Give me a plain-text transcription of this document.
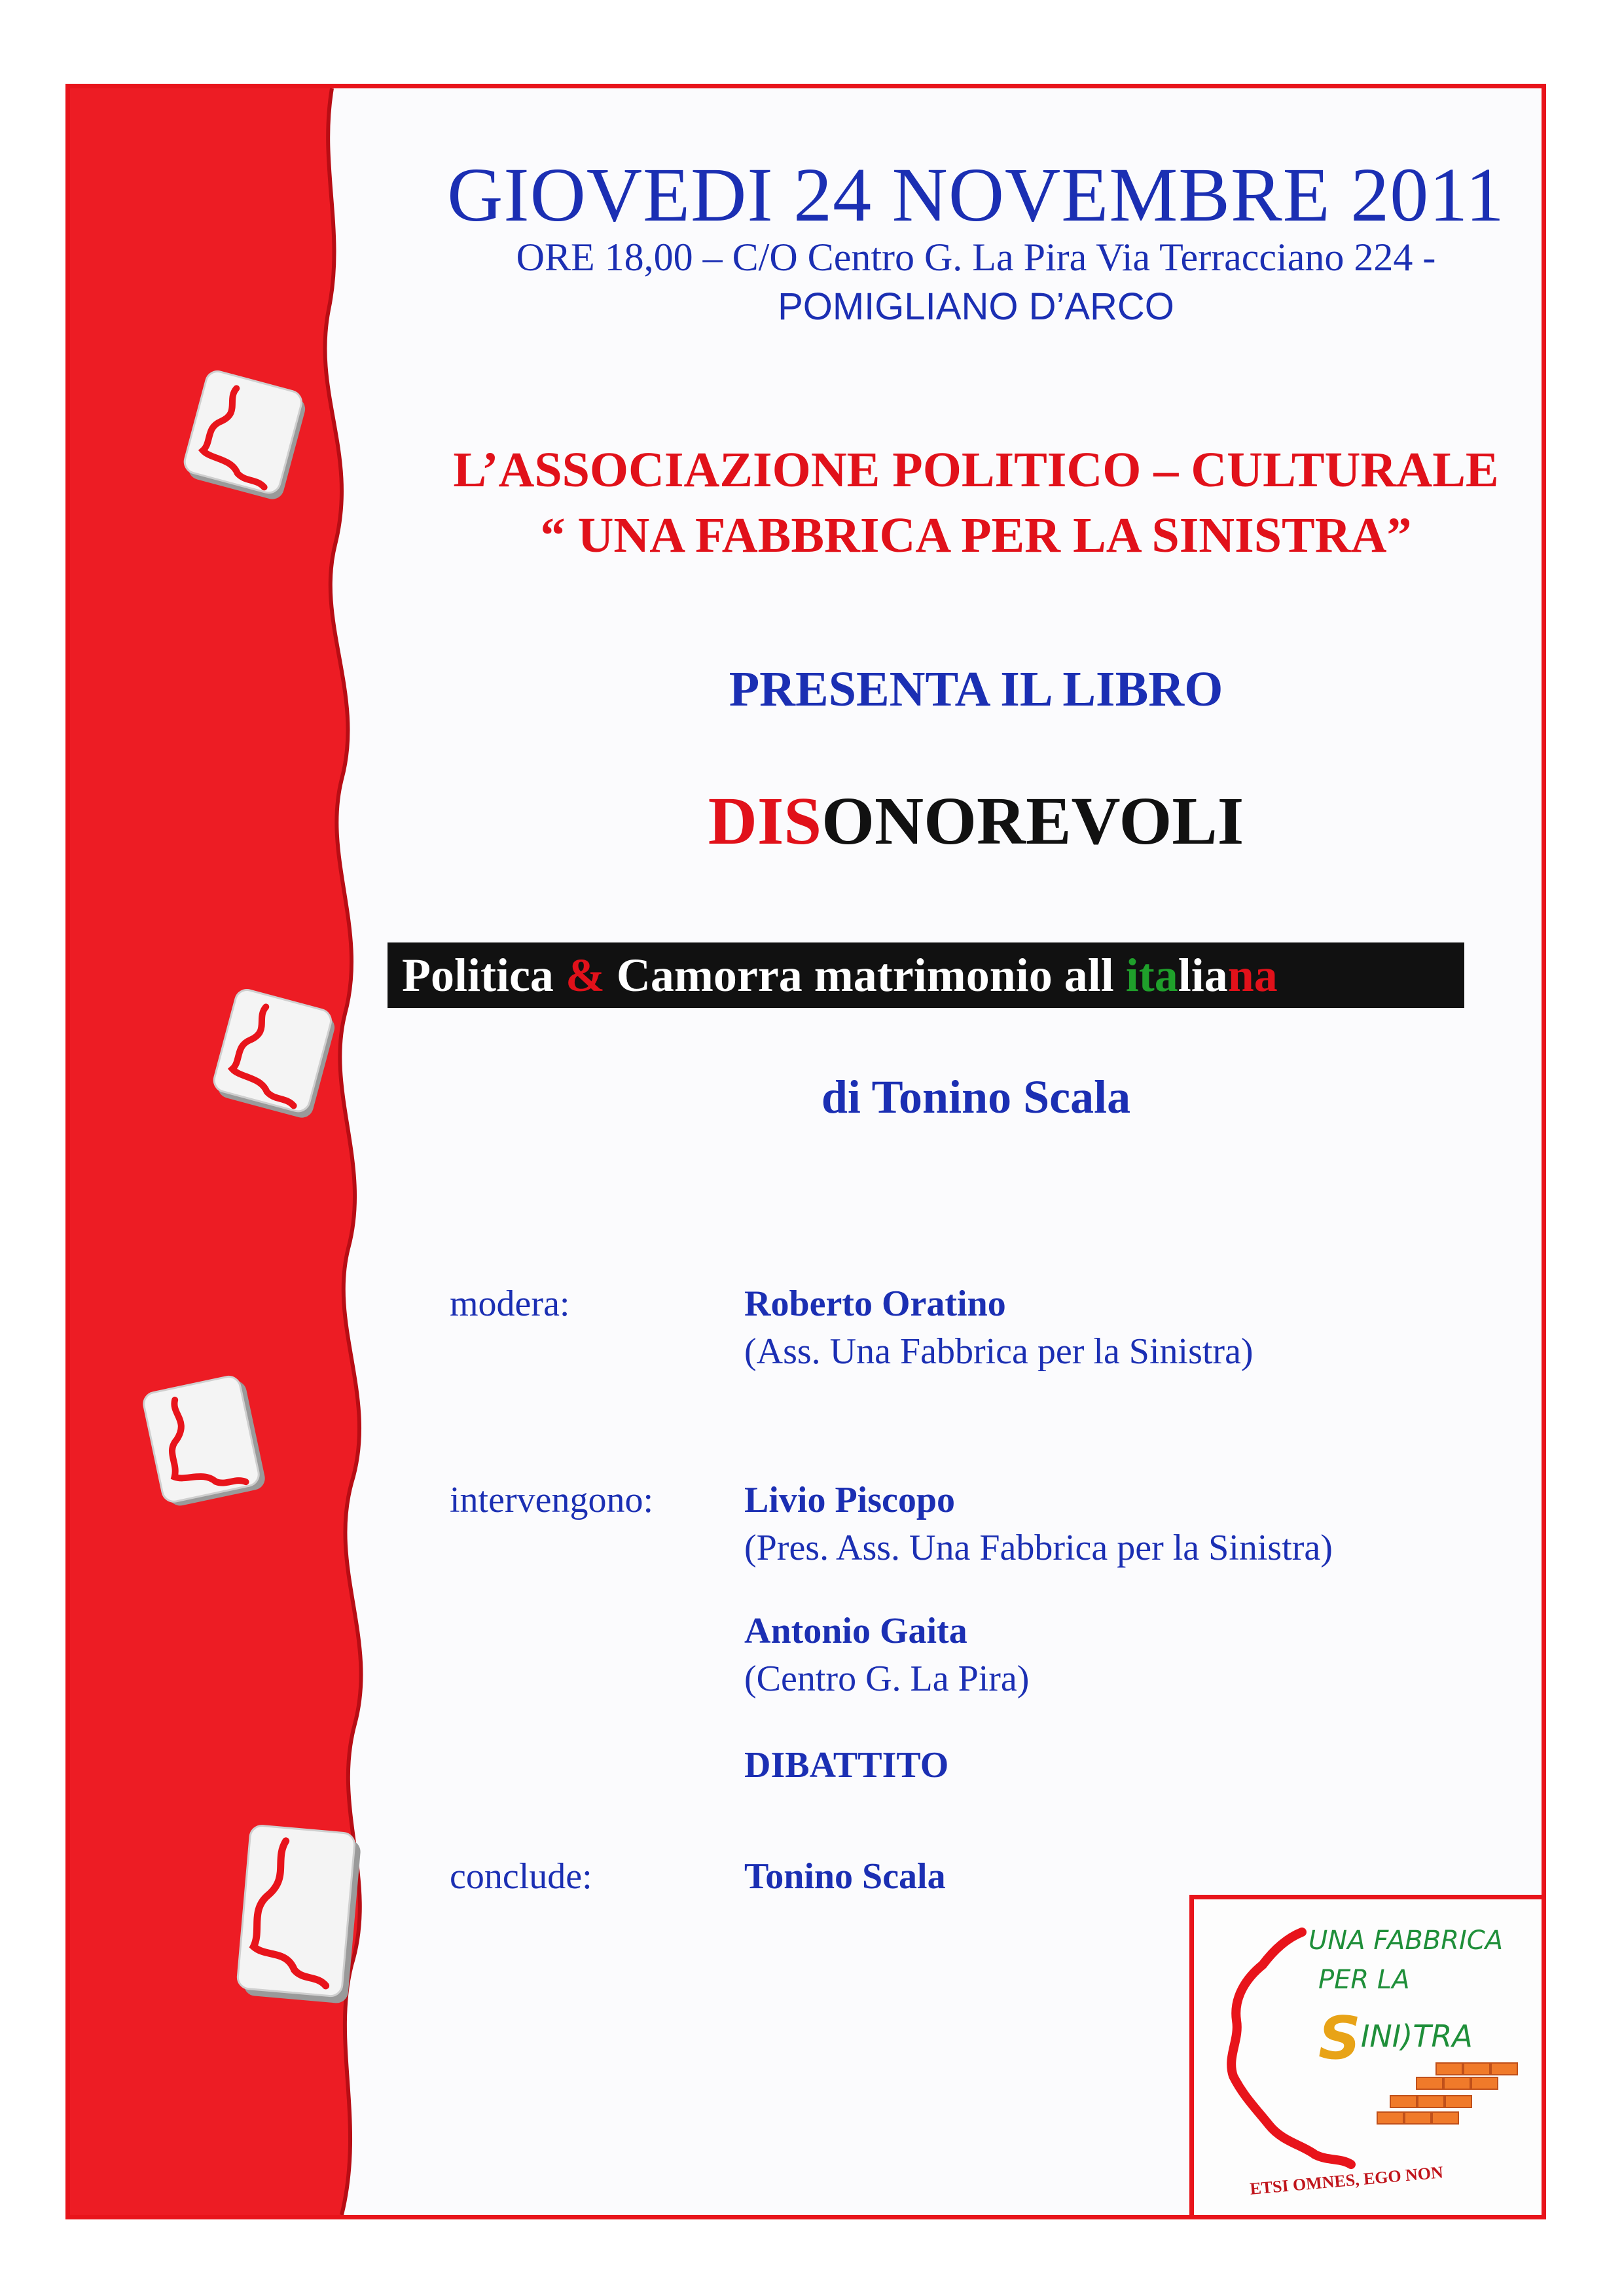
GIOVEDI 24 NOVEMBRE 2011

ORE 18,00 – C/O Centro G. La Pira Via Terracciano 224 -

POMIGLIANO D’ARCO

L’ASSOCIAZIONE POLITICO – CULTURALE

“ UNA FABBRICA PER LA SINISTRA”

PRESENTA IL LIBRO

DISONOREVOLI

Politica & Camorra matrimonio all italiana

di Tonino Scala

modera:	Roberto Oratino
(Ass. Una Fabbrica per la Sinistra)
intervengono: Livio Piscopo
(Pres. Ass. Una Fabbrica per la Sinistra)
Antonio Gaita
(Centro G. La Pira)
DIBATTITO
conclude:	Tonino Scala
UNA FABBRICA
PER LA
SINI)TRA
ETSI OMNES, EGO NON
